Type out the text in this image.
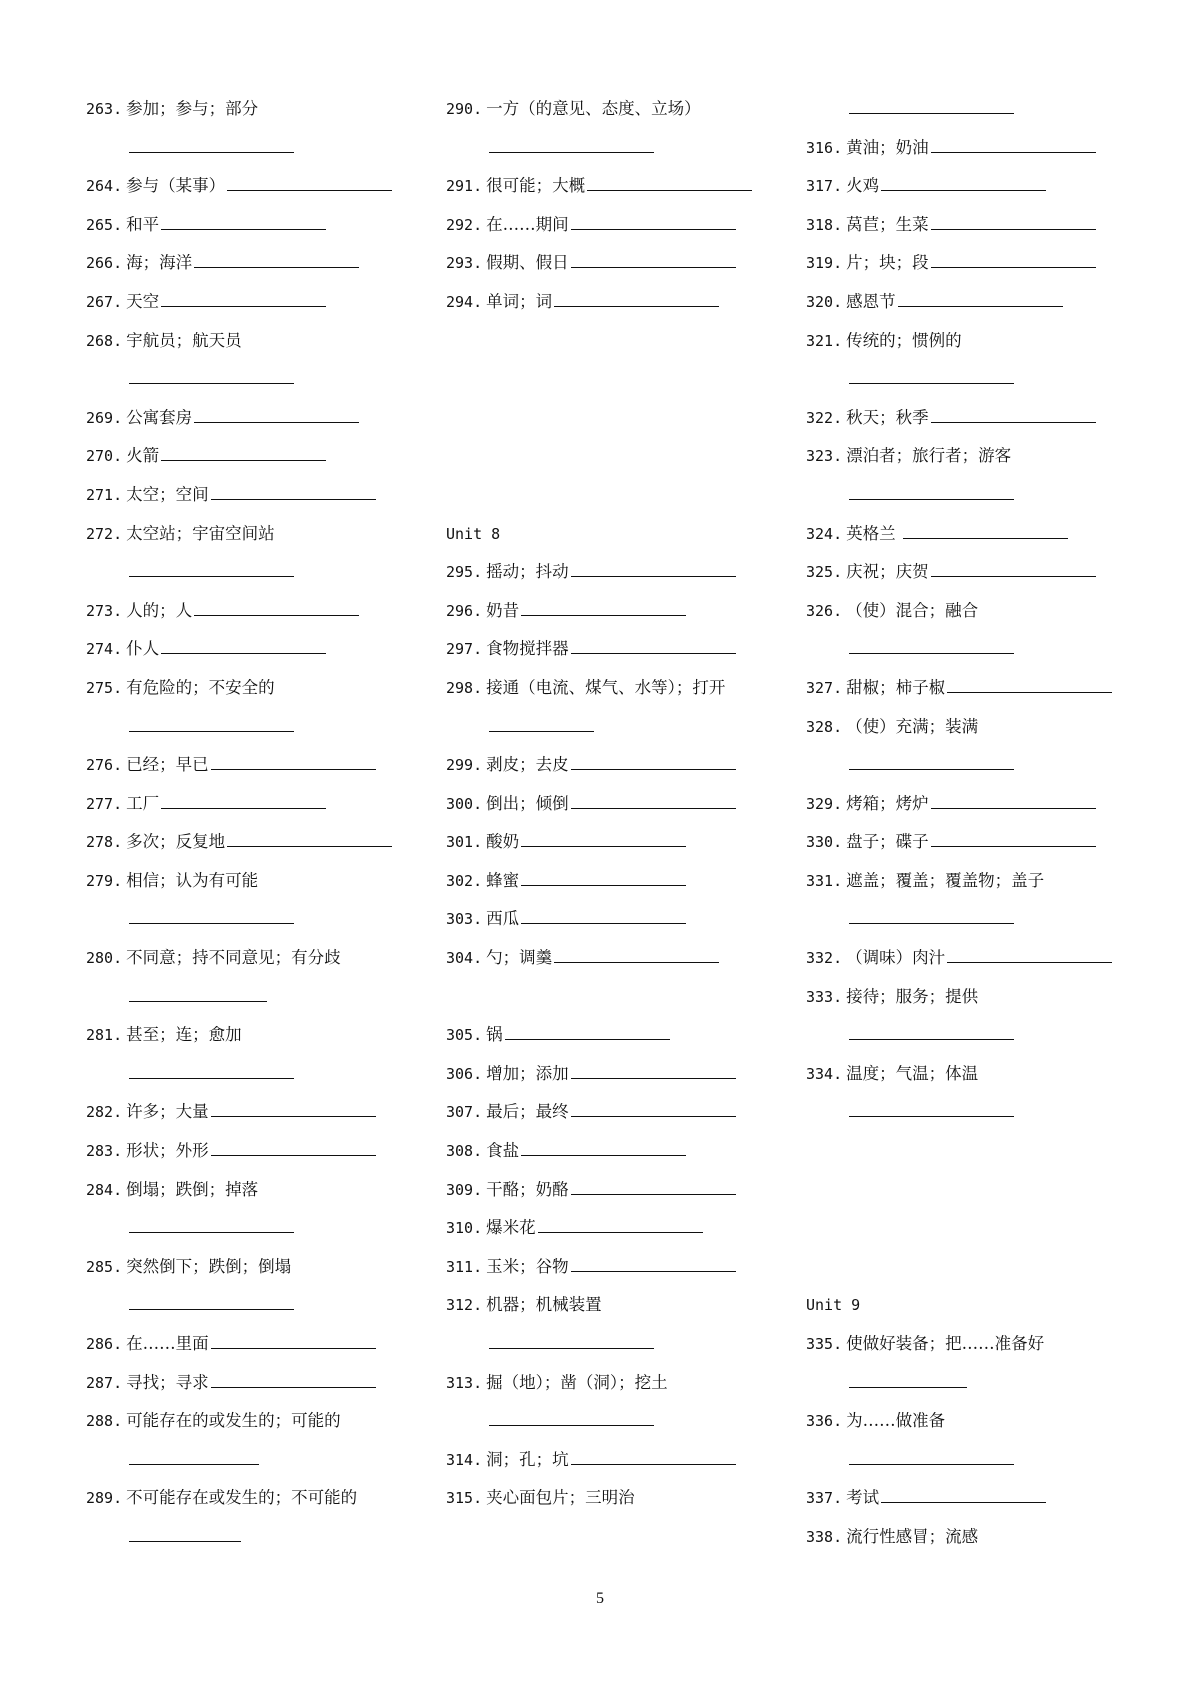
263. 参加；参与；部分
264. 参与（某事）
265. 和平
266. 海；海洋
267. 天空
268. 宇航员；航天员
269. 公寓套房
270. 火箭
271. 太空；空间
272. 太空站；宇宙空间站
273. 人的；人
274. 仆人
275. 有危险的；不安全的
276. 已经；早已
277. 工厂
278. 多次；反复地
279. 相信；认为有可能
280. 不同意；持不同意见；有分歧
281. 甚至；连；愈加
282. 许多；大量
283. 形状；外形
284. 倒塌；跌倒；掉落
285. 突然倒下；跌倒；倒塌
286. 在……里面
287. 寻找；寻求
288. 可能存在的或发生的；可能的
289. 不可能存在或发生的；不可能的
290. 一方（的意见、态度、立场）
291. 很可能；大概
292. 在……期间
293. 假期、假日
294. 单词；词
Unit 8
295. 摇动；抖动
296. 奶昔
297. 食物搅拌器
298. 接通（电流、煤气、水等）；打开
299. 剥皮；去皮
300. 倒出；倾倒
301. 酸奶
302. 蜂蜜
303. 西瓜
304. 勺；调羹
305. 锅
306. 增加；添加
307. 最后；最终
308. 食盐
309. 干酪；奶酪
310. 爆米花
311. 玉米；谷物
312. 机器；机械装置
313. 掘（地）；凿（洞）；挖土
314. 洞；孔；坑
315. 夹心面包片；三明治
316. 黄油；奶油
317. 火鸡
318. 莴苣；生菜
319. 片；块；段
320. 感恩节
321. 传统的；惯例的
322. 秋天；秋季
323. 漂泊者；旅行者；游客
324. 英格兰
325. 庆祝；庆贺
326. （使）混合；融合
327. 甜椒；柿子椒
328. （使）充满；装满
329. 烤箱；烤炉
330. 盘子；碟子
331. 遮盖；覆盖；覆盖物；盖子
332. （调味）肉汁
333. 接待；服务；提供
334. 温度；气温；体温
Unit 9
335. 使做好装备；把……准备好
336. 为……做准备
337. 考试
338. 流行性感冒；流感
5
